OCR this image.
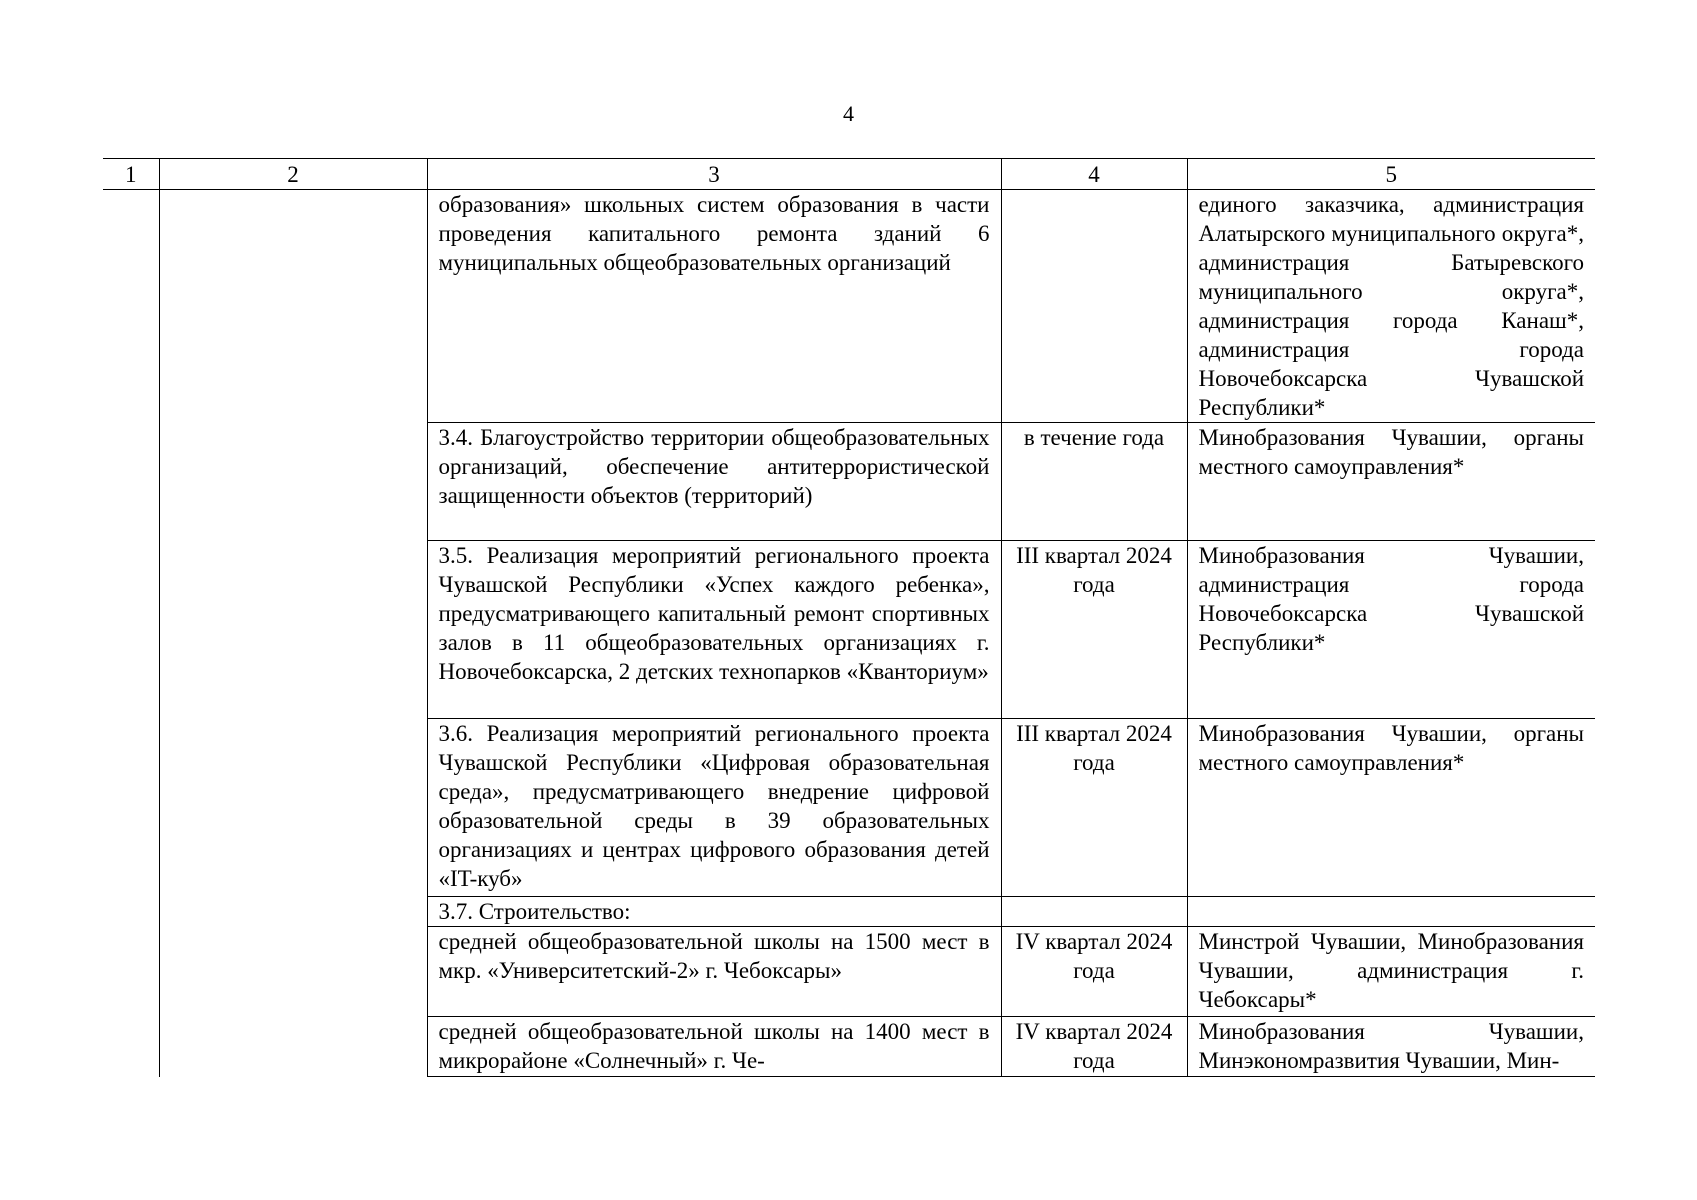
4
1	2	3	4	5
		образования» школьных систем образования в части проведения капитального ремонта зданий 6 муниципальных общеобразовательных организаций		единого заказчика, администрация Алатырского муниципального округа*, администрация Батыревского муниципального округа*, администрация города Канаш*, администрация города Новочебоксарска Чувашской Республики*
		3.4. Благоустройство территории общеобразовательных организаций, обеспечение антитеррористической защищенности объектов (территорий)	в течение года	Минобразования Чувашии, органы местного самоуправления*
		3.5. Реализация мероприятий регионального проекта Чувашской Республики «Успех каждого ребенка», предусматривающего капитальный ремонт спортивных залов в 11 общеобразовательных организациях г. Новочебоксарска, 2 детских технопарков «Кванториум»	III квартал 2024 года	Минобразования Чувашии, администрация города Новочебоксарска Чувашской Республики*
		3.6. Реализация мероприятий регионального проекта Чувашской Республики «Цифровая образовательная среда», предусматривающего внедрение цифровой образовательной среды в 39 образовательных организациях и центрах цифрового образования детей «IT-куб»	III квартал 2024 года	Минобразования Чувашии, органы местного самоуправления*
		3.7. Строительство:		
		средней общеобразовательной школы на 1500 мест в мкр. «Университетский-2» г. Чебоксары»	IV квартал 2024 года	Минстрой Чувашии, Минобразования Чувашии, администрация г. Чебоксары*
		средней общеобразовательной школы на 1400 мест в микрорайоне «Солнечный» г. Че-	IV квартал 2024 года	Минобразования Чувашии, Минэкономразвития Чувашии, Мин-
